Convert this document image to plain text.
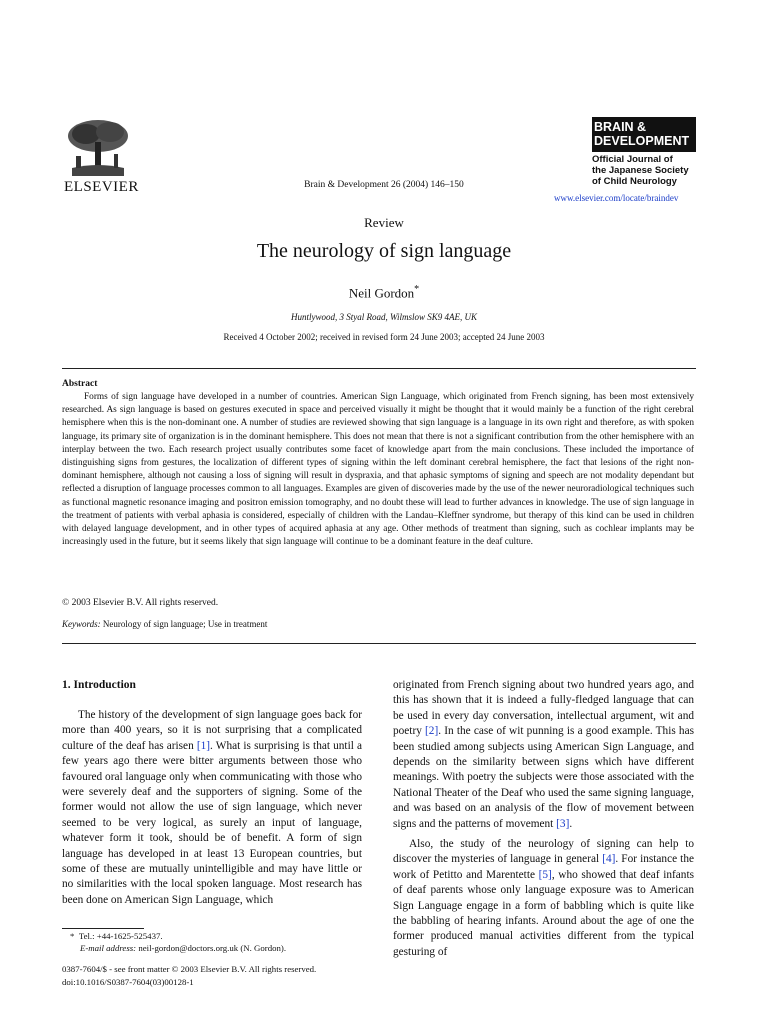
ELSEVIER	Brain & Development 26 (2004) 146–150
BRAIN &
DEVELOPMENT
Official Journal of
the Japanese Society
of Child Neurology
www.elsevier.com/locate/braindev
Review
The neurology of sign language
Neil Gordon*
Huntlywood, 3 Styal Road, Wilmslow SK9 4AE, UK
Received 4 October 2002; received in revised form 24 June 2003; accepted 24 June 2003
Abstract

Forms of sign language have developed in a number of countries. American Sign Language, which originated from French signing, has been most extensively researched. As sign language is based on gestures executed in space and perceived visually it might be thought that it would mainly be a function of the right cerebral hemisphere when this is the non-dominant one. A number of studies are reviewed showing that sign language is a language in its own right and therefore, as with spoken language, its primary site of organization is in the dominant hemisphere. This does not mean that there is not a significant contribution from the other hemisphere with an interplay between the two. Each research project usually contributes some facet of knowledge apart from the main conclusions. These included the importance of distinguishing signs from gestures, the localization of different types of signing within the left dominant cerebral hemisphere, the fact that lesions of the right non-dominant hemisphere, although not causing a loss of signing will result in dyspraxia, and that aphasic symptoms of signing and speech are not modality dependant but reflected a disruption of language processes common to all languages. Examples are given of discoveries made by the use of the newer neuroradiological techniques such as functional magnetic resonance imaging and positron emission tomography, and no doubt these will lead to further advances in knowledge. The use of sign language in the treatment of patients with verbal aphasia is considered, especially of children with the Landau–Kleffner syndrome, but therapy of this kind can be used in children with delayed language development, and in other types of acquired aphasia at any age. Other methods of treatment than signing, such as cochlear implants may be increasingly used in the future, but it seems likely that sign language will continue to be a dominant feature in the deaf culture.

© 2003 Elsevier B.V. All rights reserved.
Keywords: Neurology of sign language; Use in treatment
1. Introduction

The history of the development of sign language goes back for more than 400 years, so it is not surprising that a complicated culture of the deaf has arisen [1]. What is surprising is that until a few years ago there were bitter arguments between those who favoured oral language only when communicating with those who were severely deaf and the supporters of signing. Some of the former would not allow the use of sign language, which never seemed to be very logical, as surely an input of language, whatever form it took, should be of benefit. A form of sign language has developed in at least 13 European countries, but some of these are mutually unintelligible and may have little or no similarities with the local spoken language. Most research has been done on American Sign Language, which

originated from French signing about two hundred years ago, and this has shown that it is indeed a fully-fledged language that can be used in every day conversation, intellectual argument, wit and poetry [2]. In the case of wit punning is a good example. This has been studied among subjects using American Sign Language, and depends on the similarity between signs which have different meanings. With poetry the subjects were those associated with the National Theater of the Deaf who used the same signing language, and was based on an analysis of the flow of movement between signs and the patterns of movement [3].

Also, the study of the neurology of signing can help to discover the mysteries of language in general [4]. For instance the work of Petitto and Marentette [5], who showed that deaf infants of deaf parents whose only language exposure was to American Sign Language engage in a form of babbling which is quite like the babbling of hearing infants. Around about the age of one the former produced manual activities different from the typical gesturing of

* Tel.: +44-1625-525437.
E-mail address: neil-gordon@doctors.org.uk (N. Gordon).
0387-7604/$ - see front matter © 2003 Elsevier B.V. All rights reserved.
doi:10.1016/S0387-7604(03)00128-1
